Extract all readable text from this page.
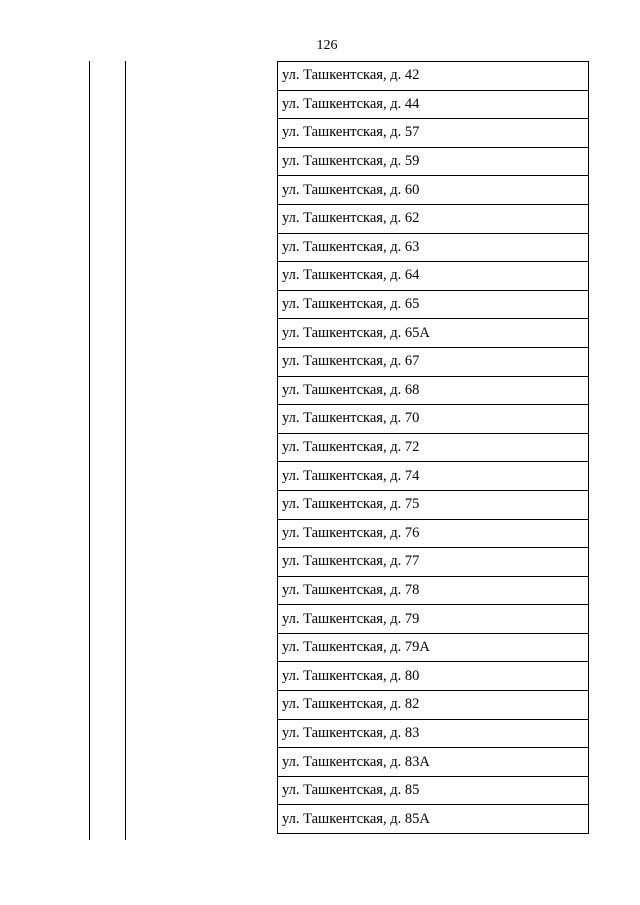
126
ул. Ташкентская, д. 42
ул. Ташкентская, д. 44
ул. Ташкентская, д. 57
ул. Ташкентская, д. 59
ул. Ташкентская, д. 60
ул. Ташкентская, д. 62
ул. Ташкентская, д. 63
ул. Ташкентская, д. 64
ул. Ташкентская, д. 65
ул. Ташкентская, д. 65А
ул. Ташкентская, д. 67
ул. Ташкентская, д. 68
ул. Ташкентская, д. 70
ул. Ташкентская, д. 72
ул. Ташкентская, д. 74
ул. Ташкентская, д. 75
ул. Ташкентская, д. 76
ул. Ташкентская, д. 77
ул. Ташкентская, д. 78
ул. Ташкентская, д. 79
ул. Ташкентская, д. 79А
ул. Ташкентская, д. 80
ул. Ташкентская, д. 82
ул. Ташкентская, д. 83
ул. Ташкентская, д. 83А
ул. Ташкентская, д. 85
ул. Ташкентская, д. 85А
